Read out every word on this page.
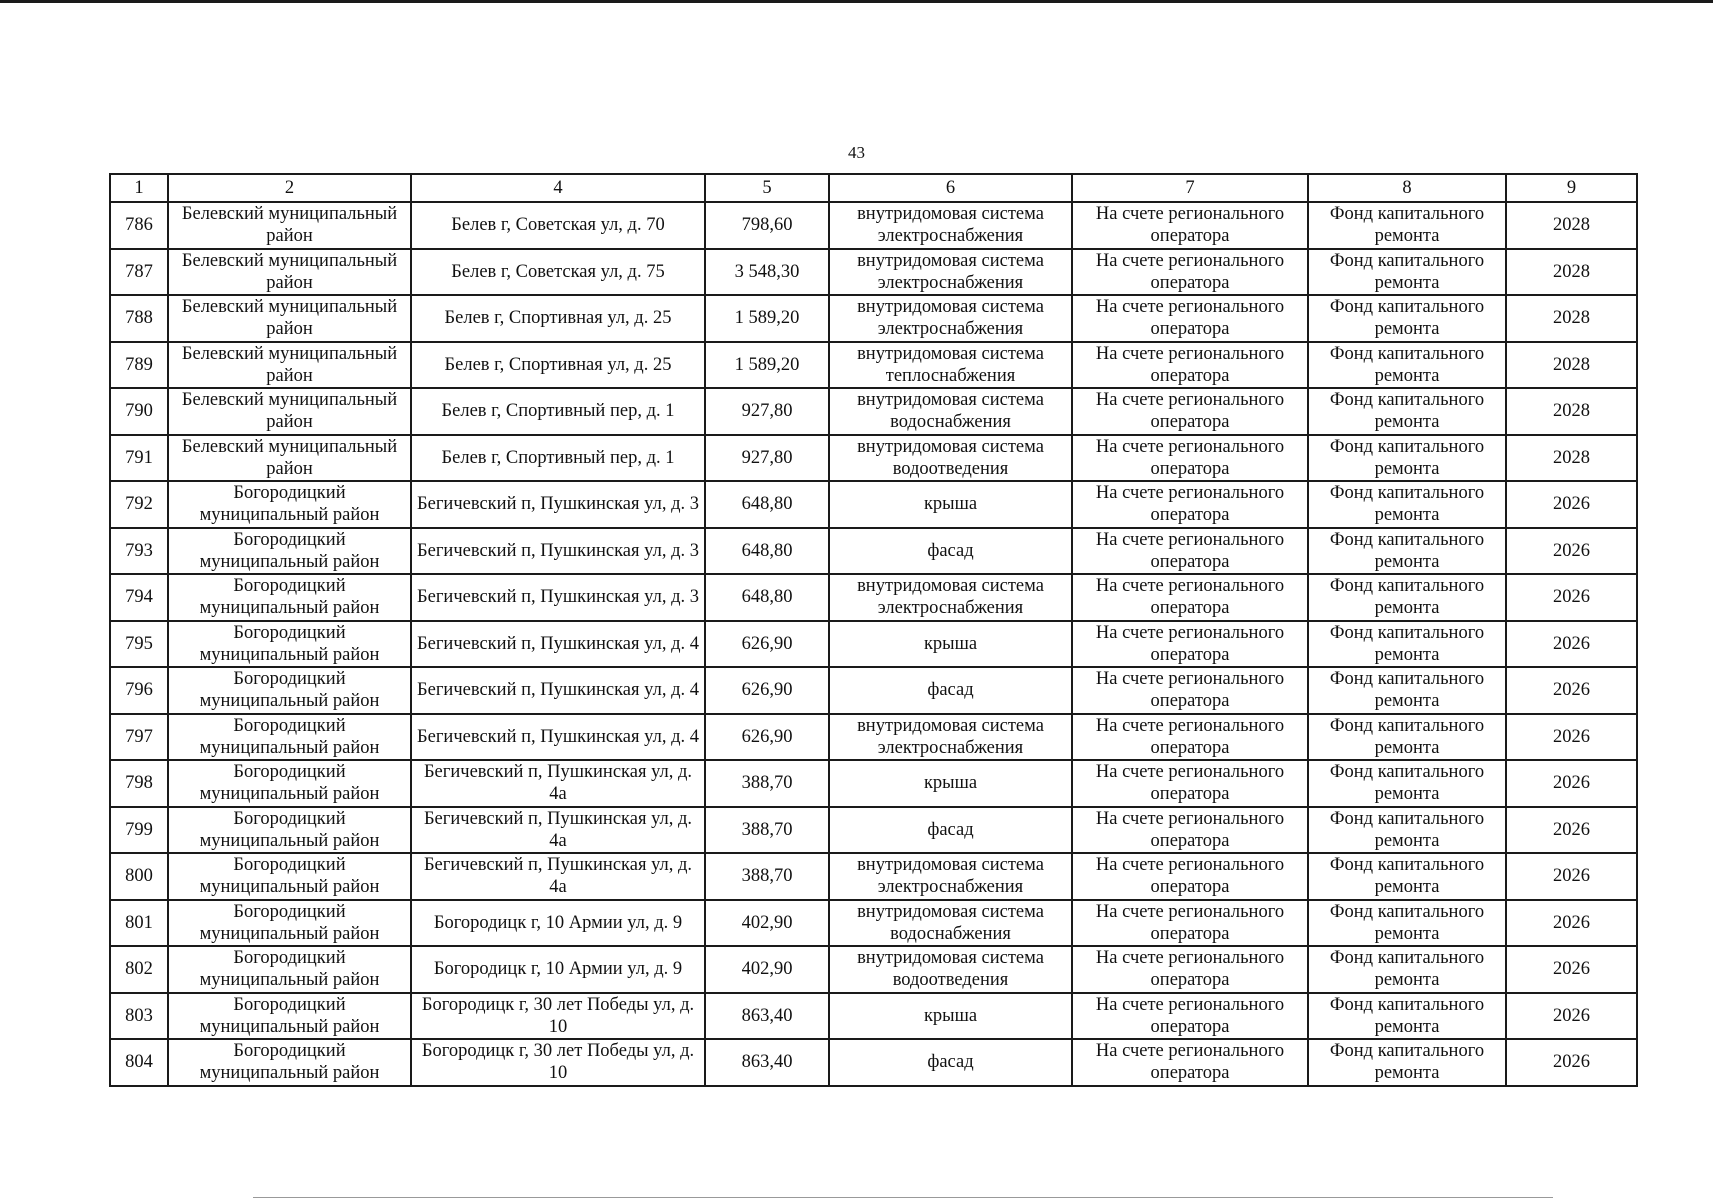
43
1	2	4	5	6	7	8	9
786	Белевский муниципальный район	Белев г, Советская ул, д. 70	798,60	внутридомовая система электроснабжения	На счете регионального оператора	Фонд капитального ремонта	2028
787	Белевский муниципальный район	Белев г, Советская ул, д. 75	3 548,30	внутридомовая система электроснабжения	На счете регионального оператора	Фонд капитального ремонта	2028
788	Белевский муниципальный район	Белев г, Спортивная ул, д. 25	1 589,20	внутридомовая система электроснабжения	На счете регионального оператора	Фонд капитального ремонта	2028
789	Белевский муниципальный район	Белев г, Спортивная ул, д. 25	1 589,20	внутридомовая система теплоснабжения	На счете регионального оператора	Фонд капитального ремонта	2028
790	Белевский муниципальный район	Белев г, Спортивный пер, д. 1	927,80	внутридомовая система водоснабжения	На счете регионального оператора	Фонд капитального ремонта	2028
791	Белевский муниципальный район	Белев г, Спортивный пер, д. 1	927,80	внутридомовая система водоотведения	На счете регионального оператора	Фонд капитального ремонта	2028
792	Богородицкий муниципальный район	Бегичевский п, Пушкинская ул, д. 3	648,80	крыша	На счете регионального оператора	Фонд капитального ремонта	2026
793	Богородицкий муниципальный район	Бегичевский п, Пушкинская ул, д. 3	648,80	фасад	На счете регионального оператора	Фонд капитального ремонта	2026
794	Богородицкий муниципальный район	Бегичевский п, Пушкинская ул, д. 3	648,80	внутридомовая система электроснабжения	На счете регионального оператора	Фонд капитального ремонта	2026
795	Богородицкий муниципальный район	Бегичевский п, Пушкинская ул, д. 4	626,90	крыша	На счете регионального оператора	Фонд капитального ремонта	2026
796	Богородицкий муниципальный район	Бегичевский п, Пушкинская ул, д. 4	626,90	фасад	На счете регионального оператора	Фонд капитального ремонта	2026
797	Богородицкий муниципальный район	Бегичевский п, Пушкинская ул, д. 4	626,90	внутридомовая система электроснабжения	На счете регионального оператора	Фонд капитального ремонта	2026
798	Богородицкий муниципальный район	Бегичевский п, Пушкинская ул, д. 4а	388,70	крыша	На счете регионального оператора	Фонд капитального ремонта	2026
799	Богородицкий муниципальный район	Бегичевский п, Пушкинская ул, д. 4а	388,70	фасад	На счете регионального оператора	Фонд капитального ремонта	2026
800	Богородицкий муниципальный район	Бегичевский п, Пушкинская ул, д. 4а	388,70	внутридомовая система электроснабжения	На счете регионального оператора	Фонд капитального ремонта	2026
801	Богородицкий муниципальный район	Богородицк г, 10 Армии ул, д. 9	402,90	внутридомовая система водоснабжения	На счете регионального оператора	Фонд капитального ремонта	2026
802	Богородицкий муниципальный район	Богородицк г, 10 Армии ул, д. 9	402,90	внутридомовая система водоотведения	На счете регионального оператора	Фонд капитального ремонта	2026
803	Богородицкий муниципальный район	Богородицк г, 30 лет Победы ул, д. 10	863,40	крыша	На счете регионального оператора	Фонд капитального ремонта	2026
804	Богородицкий муниципальный район	Богородицк г, 30 лет Победы ул, д. 10	863,40	фасад	На счете регионального оператора	Фонд капитального ремонта	2026
